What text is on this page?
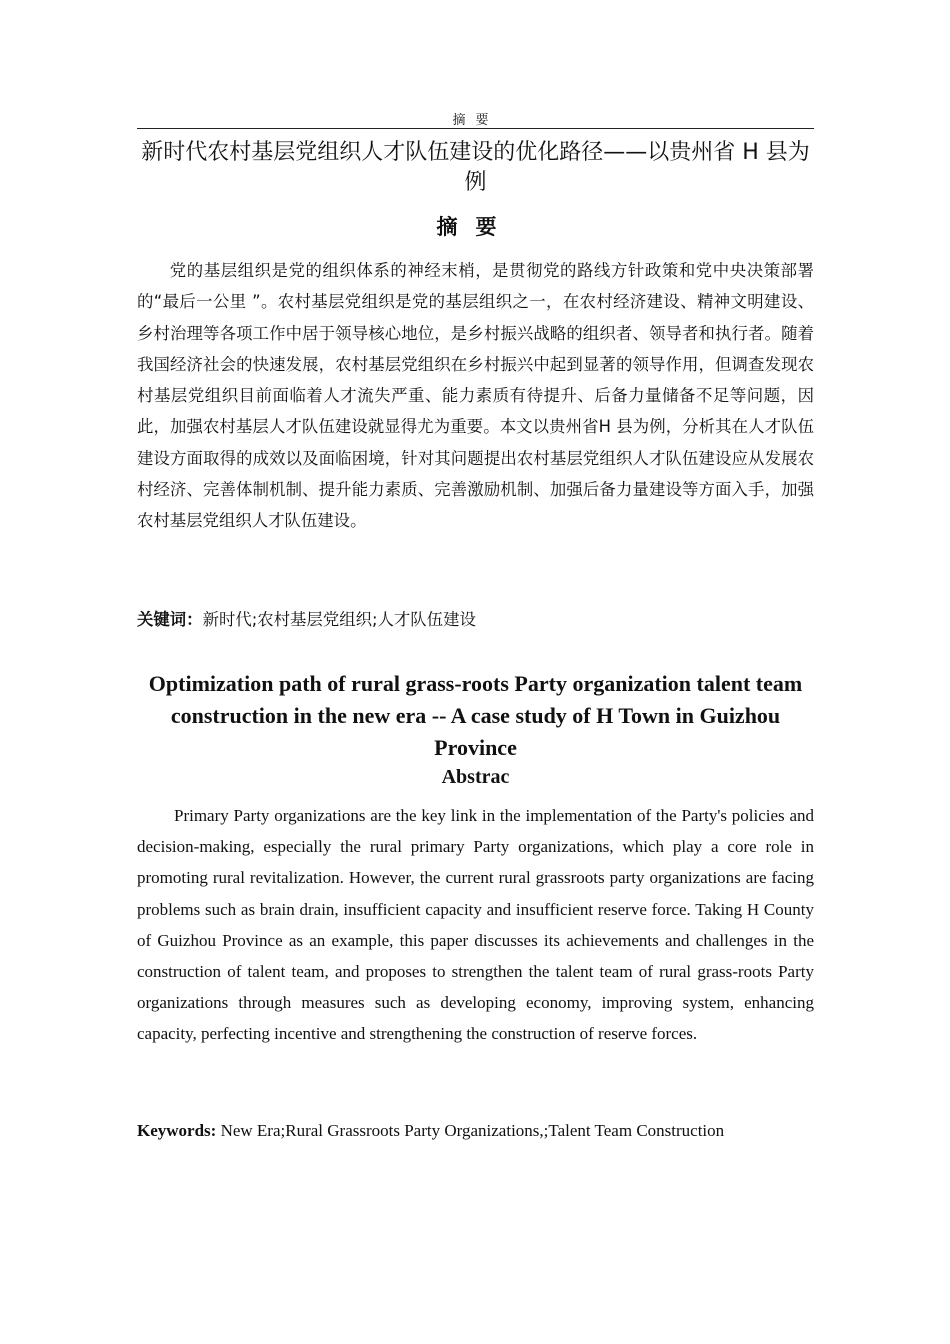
摘要
新时代农村基层党组织人才队伍建设的优化路径——以贵州省 H 县为例
摘要

党的基层组织是党的组织体系的神经末梢，是贯彻党的路线方针政策和党中央决策部署的“最后一公里 ”。农村基层党组织是党的基层组织之一，在农村经济建设、精神文明建设、乡村治理等各项工作中居于领导核心地位，是乡村振兴战略的组织者、领导者和执行者。随着我国经济社会的快速发展，农村基层党组织在乡村振兴中起到显著的领导作用，但调查发现农村基层党组织目前面临着人才流失严重、能力素质有待提升、后备力量储备不足等问题，因此，加强农村基层人才队伍建设就显得尤为重要。本文以贵州省H 县为例，分析其在人才队伍建设方面取得的成效以及面临困境，针对其问题提出农村基层党组织人才队伍建设应从发展农村经济、完善体制机制、提升能力素质、完善激励机制、加强后备力量建设等方面入手，加强农村基层党组织人才队伍建设。

关键词：新时代;农村基层党组织;人才队伍建设
Optimization path of rural grass-roots Party organization talent team construction in the new era -- A case study of H Town in Guizhou Province
Abstrac

Primary Party organizations are the key link in the implementation of the Party's policies and decision-making, especially the rural primary Party organizations, which play a core role in promoting rural revitalization. However, the current rural grassroots party organizations are facing problems such as brain drain, insufficient capacity and insufficient reserve force. Taking H County of Guizhou Province as an example, this paper discusses its achievements and challenges in the construction of talent team, and proposes to strengthen the talent team of rural grass-roots Party organizations through measures such as developing economy, improving system, enhancing capacity, perfecting incentive and strengthening the construction of reserve forces.

Keywords: New Era;Rural Grassroots Party Organizations,;Talent Team Construction
